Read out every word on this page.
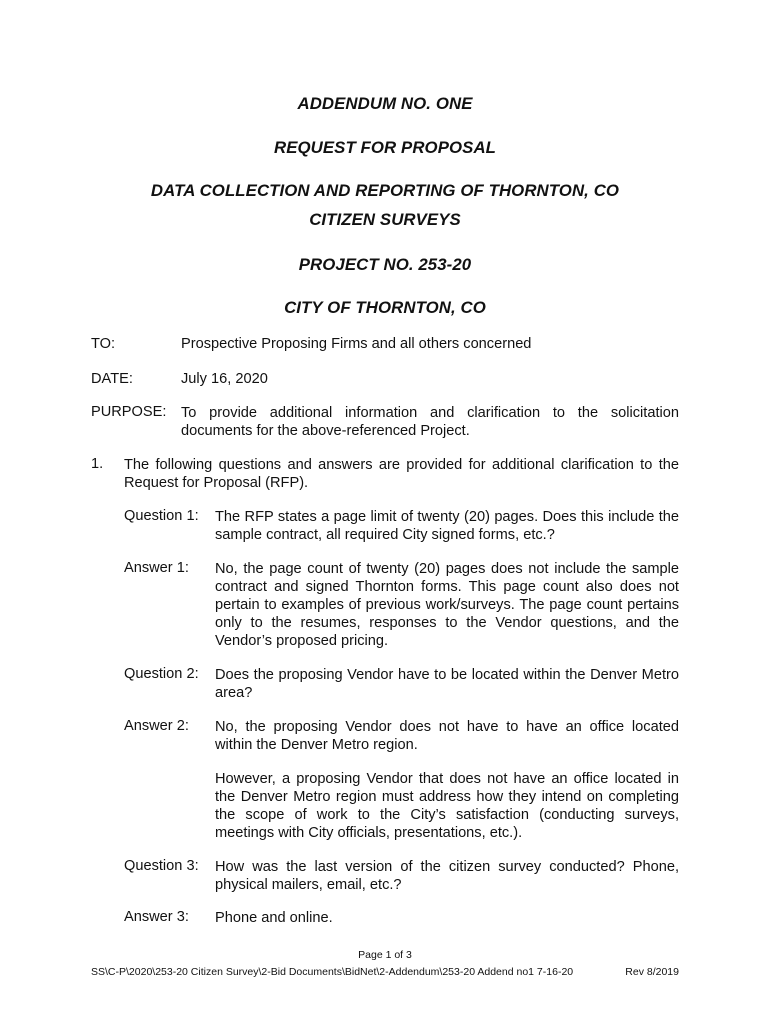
ADDENDUM NO. ONE

REQUEST FOR PROPOSAL

DATA COLLECTION AND REPORTING OF THORNTON, CO

CITIZEN SURVEYS

PROJECT NO. 253-20

CITY OF THORNTON, CO

TO:	Prospective Proposing Firms and all others concerned

DATE:	July 16, 2020

PURPOSE: To provide additional information and clarification to the solicitation documents for the above-referenced Project.

1. The following questions and answers are provided for additional clarification to the Request for Proposal (RFP).

Question 1: The RFP states a page limit of twenty (20) pages. Does this include the sample contract, all required City signed forms, etc.?

Answer 1: No, the page count of twenty (20) pages does not include the sample contract and signed Thornton forms. This page count also does not pertain to examples of previous work/surveys. The page count pertains only to the resumes, responses to the Vendor questions, and the Vendor’s proposed pricing.

Question 2: Does the proposing Vendor have to be located within the Denver Metro area?

Answer 2: No, the proposing Vendor does not have to have an office located within the Denver Metro region.

However, a proposing Vendor that does not have an office located in the Denver Metro region must address how they intend on completing the scope of work to the City’s satisfaction (conducting surveys, meetings with City officials, presentations, etc.).

Question 3: How was the last version of the citizen survey conducted? Phone, physical mailers, email, etc.?

Answer 3: Phone and online.

Page 1 of 3

SS\C-P\2020\253-20 Citizen Survey\2-Bid Documents\BidNet\2-Addendum\253-20 Addend no1 7-16-20	Rev 8/2019
